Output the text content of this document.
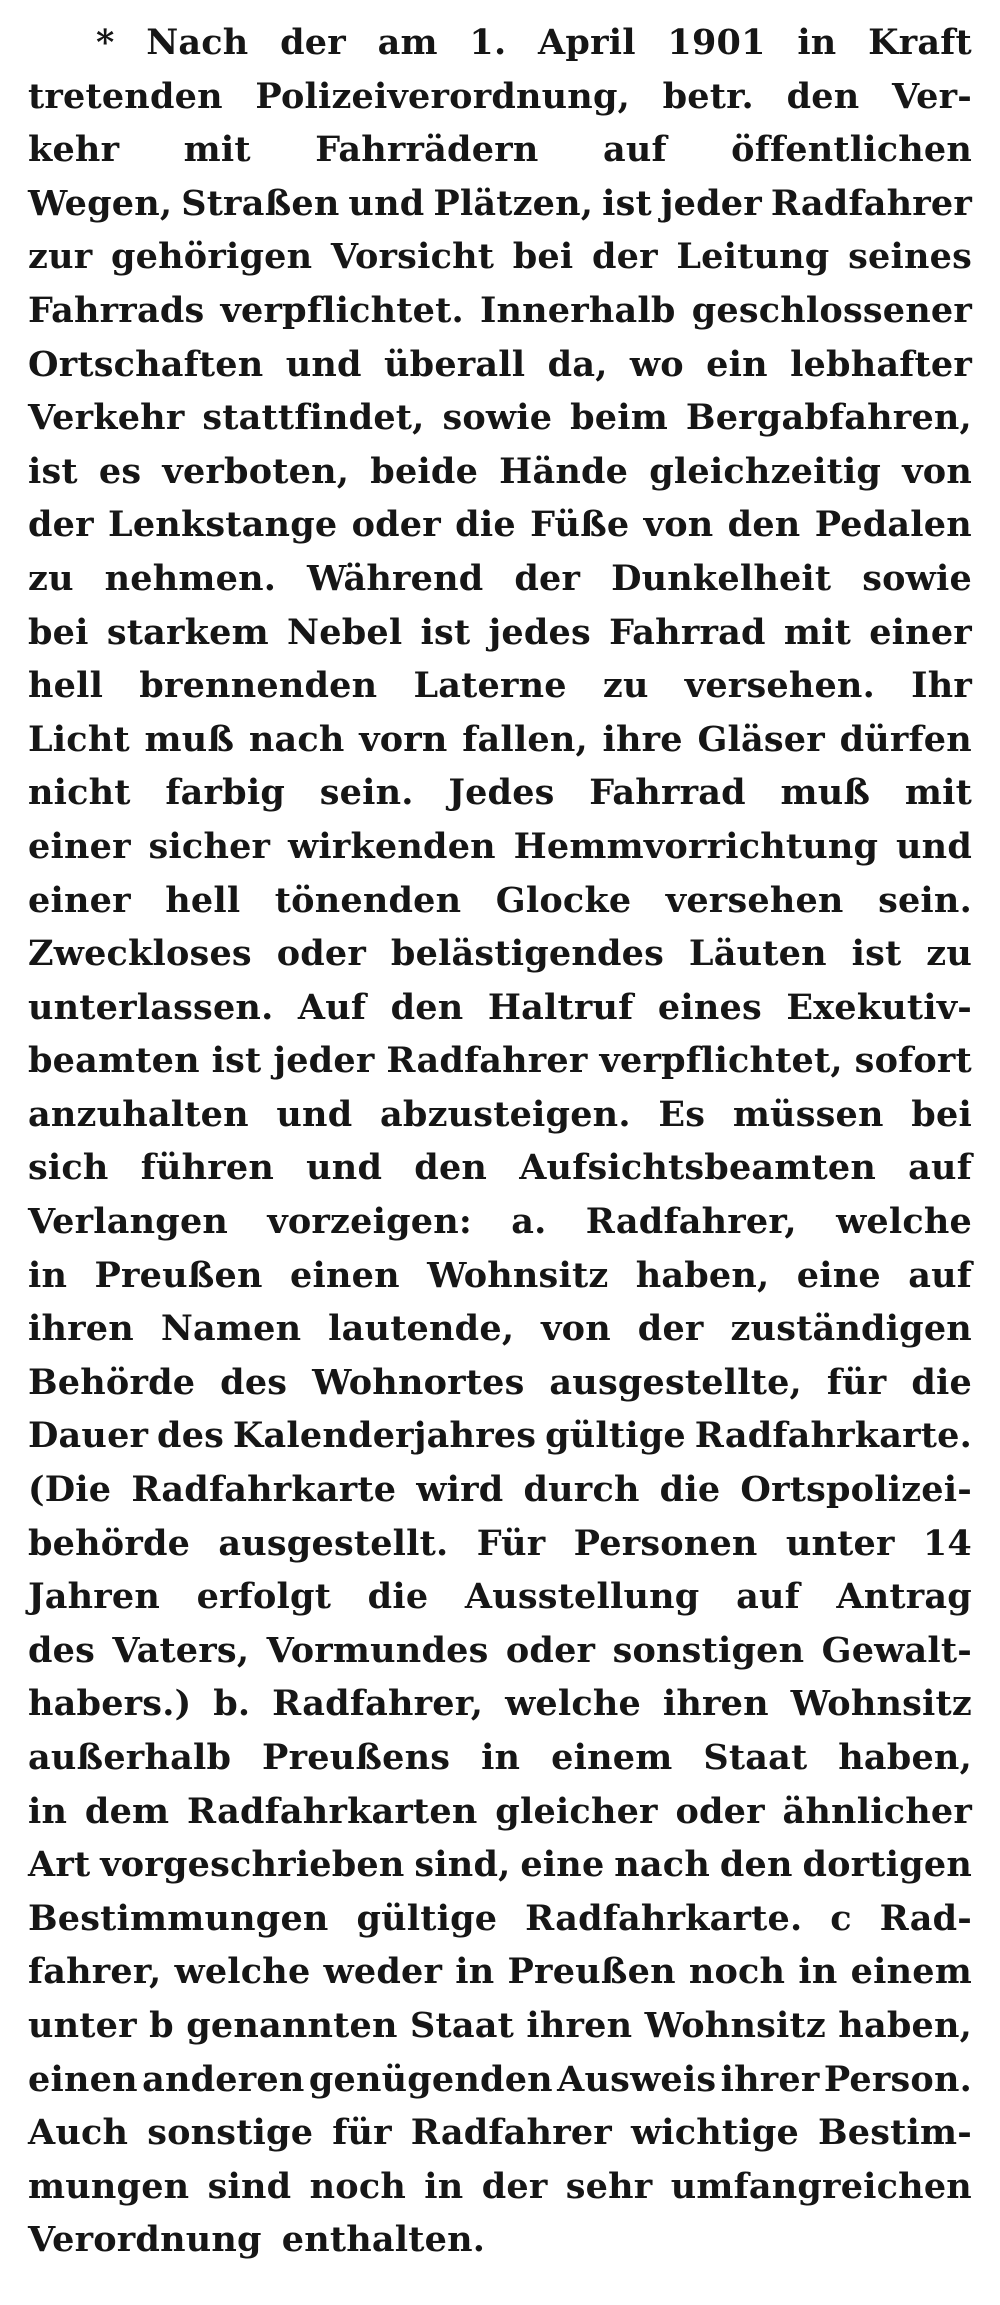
* Nach der am 1. April 1901 in Kraft
tretenden Polizeiverordnung, betr. den Ver-
kehr mit Fahrrädern auf öffentlichen
Wegen, Straßen und Plätzen, ist jeder Radfahrer
zur gehörigen Vorsicht bei der Leitung seines
Fahrrads verpflichtet. Innerhalb geschlossener
Ortschaften und überall da, wo ein lebhafter
Verkehr stattfindet, sowie beim Bergabfahren,
ist es verboten, beide Hände gleichzeitig von
der Lenkstange oder die Füße von den Pedalen
zu nehmen. Während der Dunkelheit sowie
bei starkem Nebel ist jedes Fahrrad mit einer
hell brennenden Laterne zu versehen. Ihr
Licht muß nach vorn fallen, ihre Gläser dürfen
nicht farbig sein. Jedes Fahrrad muß mit
einer sicher wirkenden Hemmvorrichtung und
einer hell tönenden Glocke versehen sein.
Zweckloses oder belästigendes Läuten ist zu
unterlassen. Auf den Haltruf eines Exekutiv-
beamten ist jeder Radfahrer verpflichtet, sofort
anzuhalten und abzusteigen. Es müssen bei
sich führen und den Aufsichtsbeamten auf
Verlangen vorzeigen: a. Radfahrer, welche
in Preußen einen Wohnsitz haben, eine auf
ihren Namen lautende, von der zuständigen
Behörde des Wohnortes ausgestellte, für die
Dauer des Kalenderjahres gültige Radfahrkarte.
(Die Radfahrkarte wird durch die Ortspolizei-
behörde ausgestellt. Für Personen unter 14
Jahren erfolgt die Ausstellung auf Antrag
des Vaters, Vormundes oder sonstigen Gewalt-
habers.) b. Radfahrer, welche ihren Wohnsitz
außerhalb Preußens in einem Staat haben,
in dem Radfahrkarten gleicher oder ähnlicher
Art vorgeschrieben sind, eine nach den dortigen
Bestimmungen gültige Radfahrkarte. c Rad-
fahrer, welche weder in Preußen noch in einem
unter b genannten Staat ihren Wohnsitz haben,
einen anderen genügenden Ausweis ihrer Person.
Auch sonstige für Radfahrer wichtige Bestim-
mungen sind noch in der sehr umfangreichen
Verordnung enthalten.
